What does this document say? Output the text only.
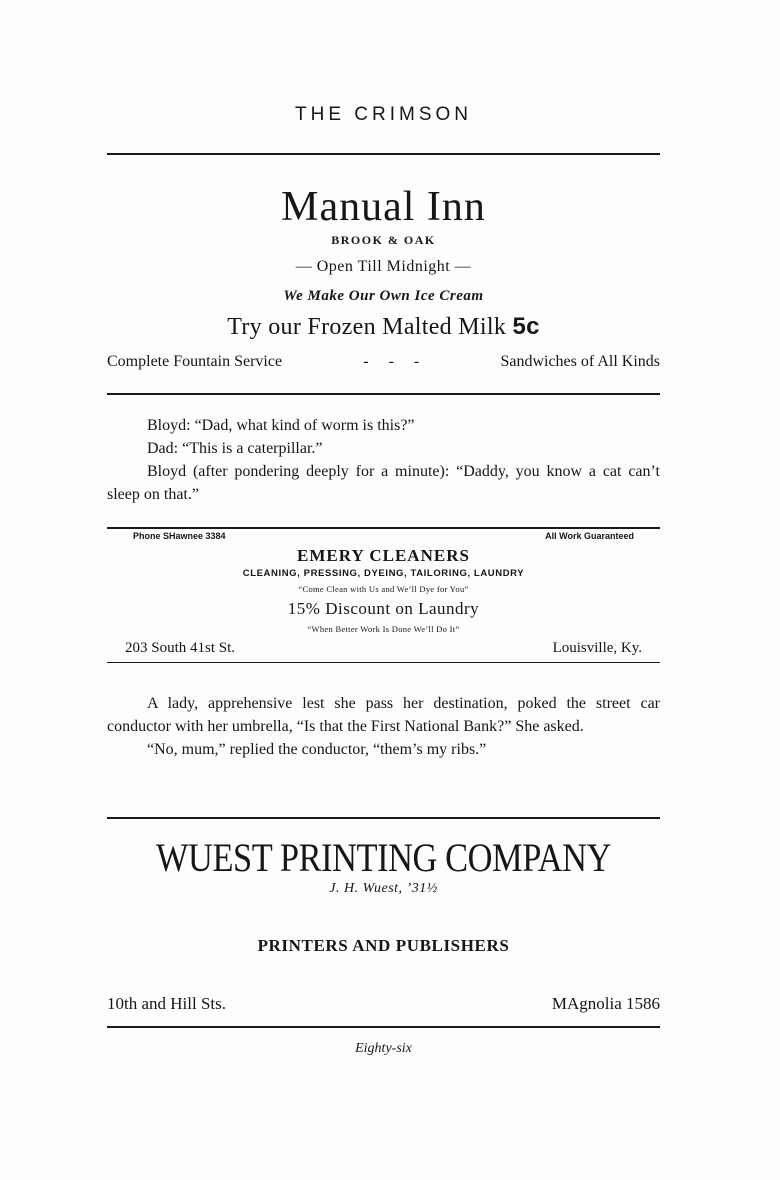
THE CRIMSON
Manual Inn
BROOK & OAK
— Open Till Midnight —
We Make Our Own Ice Cream
Try our Frozen Malted Milk 5c
Complete Fountain Service	-     -     -	Sandwiches of All Kinds

Bloyd: “Dad, what kind of worm is this?”

Dad: “This is a caterpillar.”

Bloyd (after pondering deeply for a minute): “Daddy, you know a cat can’t sleep on that.”

Phone SHawnee 3384	All Work Guaranteed
EMERY CLEANERS
CLEANING, PRESSING, DYEING, TAILORING, LAUNDRY
“Come Clean with Us and We’ll Dye for You”
15% Discount on Laundry
“When Better Work Is Done We’ll Do It”
203 South 41st St.	Louisville, Ky.

A lady, apprehensive lest she pass her destination, poked the street car conductor with her umbrella, “Is that the First National Bank?” She asked.

“No, mum,” replied the conductor, “them’s my ribs.”

WUEST PRINTING COMPANY
J. H. Wuest, ’31½
PRINTERS AND PUBLISHERS
10th and Hill Sts.	MAgnolia 1586
Eighty-six
